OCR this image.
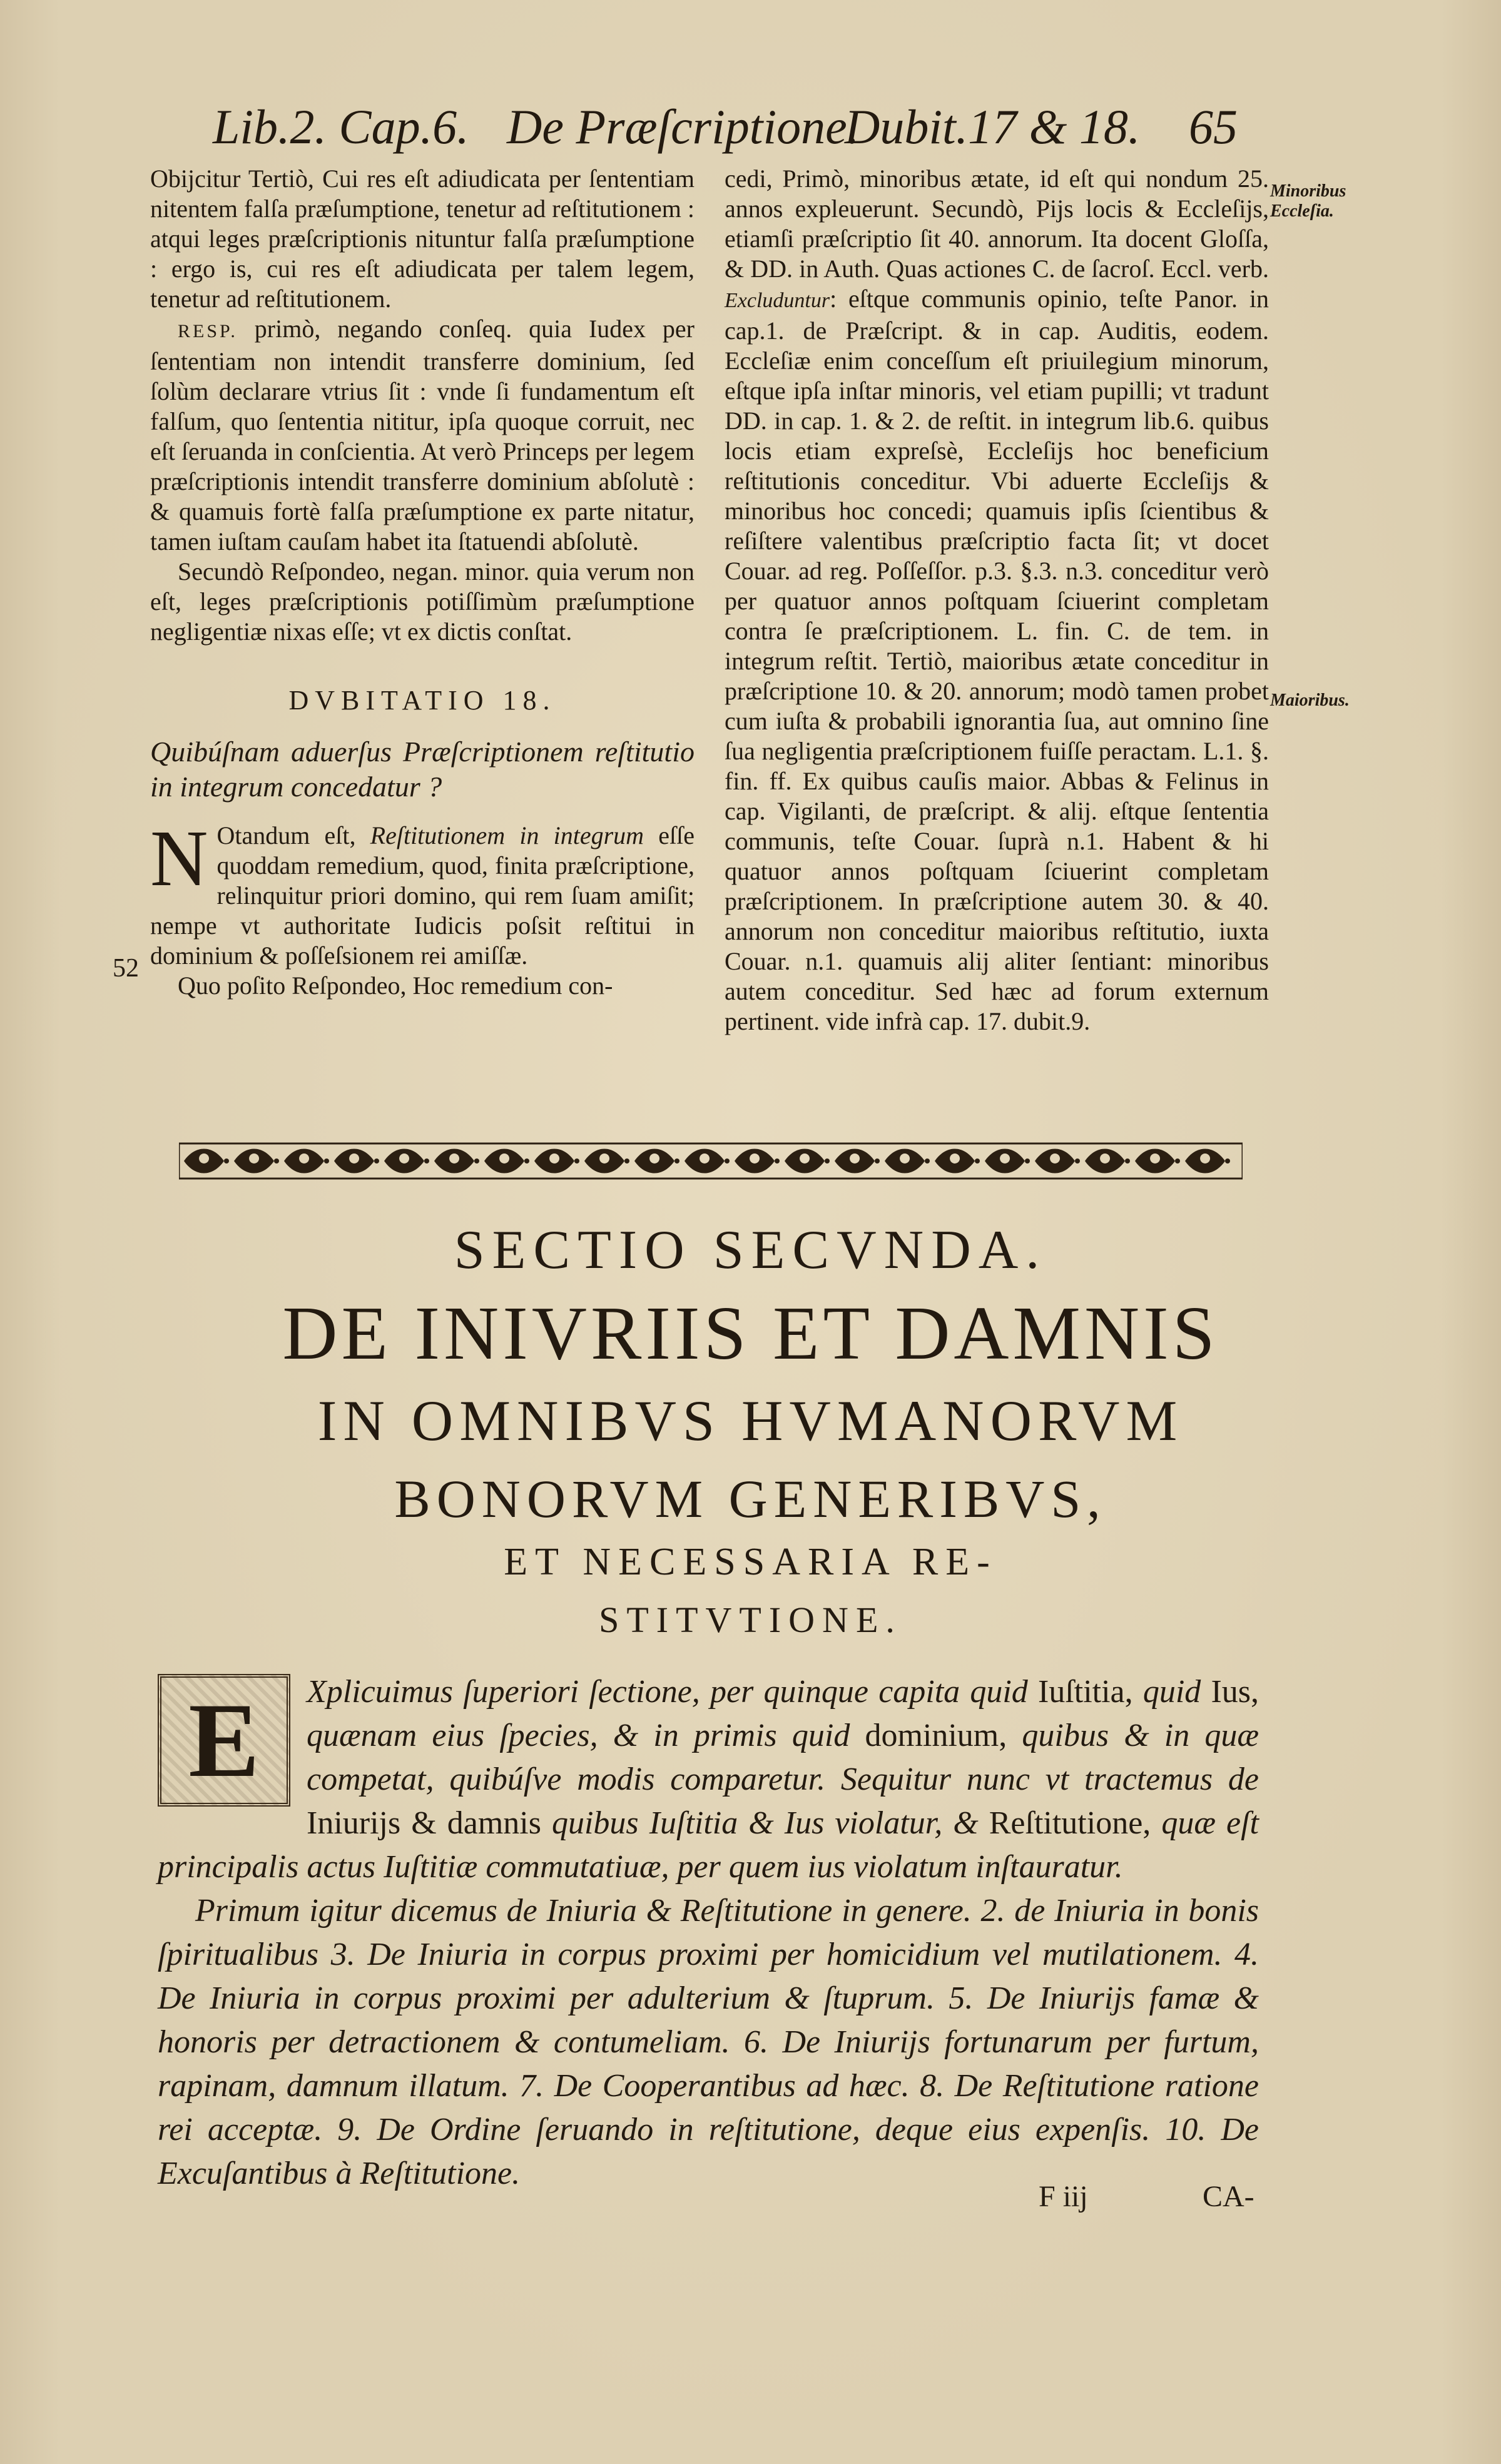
Lib.2. Cap.6. De Præſcriptione.
Dubit.17 & 18. 65

Obijcitur Tertiò, Cui res eſt adiudicata per ſententiam nitentem falſa præſumptione, tenetur ad reſtitutionem : atqui leges præſcriptionis nituntur falſa præſumptione : ergo is, cui res eſt adiudicata per talem legem, tenetur ad reſtitutionem.

RESP. primò, negando conſeq. quia Iudex per ſententiam non intendit transferre dominium, ſed ſolùm declarare vtrius ſit : vnde ſi fundamentum eſt falſum, quo ſententia nititur, ipſa quoque corruit, nec eſt ſeruanda in conſcientia. At verò Princeps per legem præſcriptionis intendit transferre dominium abſolutè : & quamuis fortè falſa præſumptione ex parte nitatur, tamen iuſtam cauſam habet ita ſtatuendi abſolutè.

Secundò Reſpondeo, negan. minor. quia verum non eſt, leges præſcriptionis potiſſimùm præſumptione negligentiæ nixas eſſe; vt ex dictis conſtat.

DVBITATIO 18.
Quibúſnam aduerſus Præſcriptionem reſtitutio in integrum concedatur ?

N Otandum eſt, Reſtitutionem in integrum eſſe quoddam remedium, quod, finita præſcriptione, relinquitur priori domino, qui rem ſuam amiſit; nempe vt authoritate Iudicis poſsit reſtitui in dominium & poſſeſsionem rei amiſſæ.

Quo poſito Reſpondeo, Hoc remedium con-

cedi, Primò, minoribus ætate, id eſt qui nondum 25. annos expleuerunt. Secundò, Pijs locis & Eccleſijs, etiamſi præſcriptio ſit 40. annorum. Ita docent Gloſſa, & DD. in Auth. Quas actiones C. de ſacroſ. Eccl. verb. Excluduntur: eſtque communis opinio, teſte Panor. in cap.1. de Præſcript. & in cap. Auditis, eodem. Eccleſiæ enim conceſſum eſt priuilegium minorum, eſtque ipſa inſtar minoris, vel etiam pupilli; vt tradunt DD. in cap. 1. & 2. de reſtit. in integrum lib.6. quibus locis etiam expreſsè, Eccleſijs hoc beneficium reſtitutionis conceditur. Vbi aduerte Eccleſijs & minoribus hoc concedi; quamuis ipſis ſcientibus & reſiſtere valentibus præſcriptio facta ſit; vt docet Couar. ad reg. Poſſeſſor. p.3. §.3. n.3. conceditur verò per quatuor annos poſtquam ſciuerint completam contra ſe præſcriptionem. L. fin. C. de tem. in integrum reſtit. Tertiò, maioribus ætate conceditur in præſcriptione 10. & 20. annorum; modò tamen probet cum iuſta & probabili ignorantia ſua, aut omnino ſine ſua negligentia præſcriptionem fuiſſe peractam. L.1. §. fin. ff. Ex quibus cauſis maior. Abbas & Felinus in cap. Vigilanti, de præſcript. & alij. eſtque ſententia communis, teſte Couar. ſuprà n.1. Habent & hi quatuor annos poſtquam ſciuerint completam præſcriptionem. In præſcriptione autem 30. & 40. annorum non conceditur maioribus reſtitutio, iuxta Couar. n.1. quamuis alij aliter ſentiant: minoribus autem conceditur. Sed hæc ad forum externum pertinent. vide infrà cap. 17. dubit.9.

52
Minoribus
Eccleſia.
Maioribus.
SECTIO SECVNDA.
DE INIVRIIS ET DAMNIS
IN OMNIBVS HVMANORVM
BONORVM GENERIBVS,
ET NECESSARIA RE-
STITVTIONE.

E	Xplicuimus ſuperiori ſectione, per quinque capita quid Iuſtitia, quid Ius, quænam eius ſpecies, & in primis quid dominium, quibus & in quæ competat, quibúſve modis comparetur. Sequitur nunc vt tractemus de Iniurijs & damnis quibus Iuſtitia & Ius violatur, & Reſtitutione, quæ eſt principalis actus Iuſtitiæ commutatiuæ, per quem ius violatum inſtauratur.

Primum igitur dicemus de Iniuria & Reſtitutione in genere. 2. de Iniuria in bonis ſpiritualibus 3. De Iniuria in corpus proximi per homicidium vel mutilationem. 4. De Iniuria in corpus proximi per adulterium & ſtuprum. 5. De Iniurijs famæ & honoris per detractionem & contumeliam. 6. De Iniurijs fortunarum per furtum, rapinam, damnum illatum. 7. De Cooperantibus ad hæc. 8. De Reſtitutione ratione rei acceptæ. 9. De Ordine ſeruando in reſtitutione, deque eius expenſis. 10. De Excuſantibus à Reſtitutione.

F iij	CA-
